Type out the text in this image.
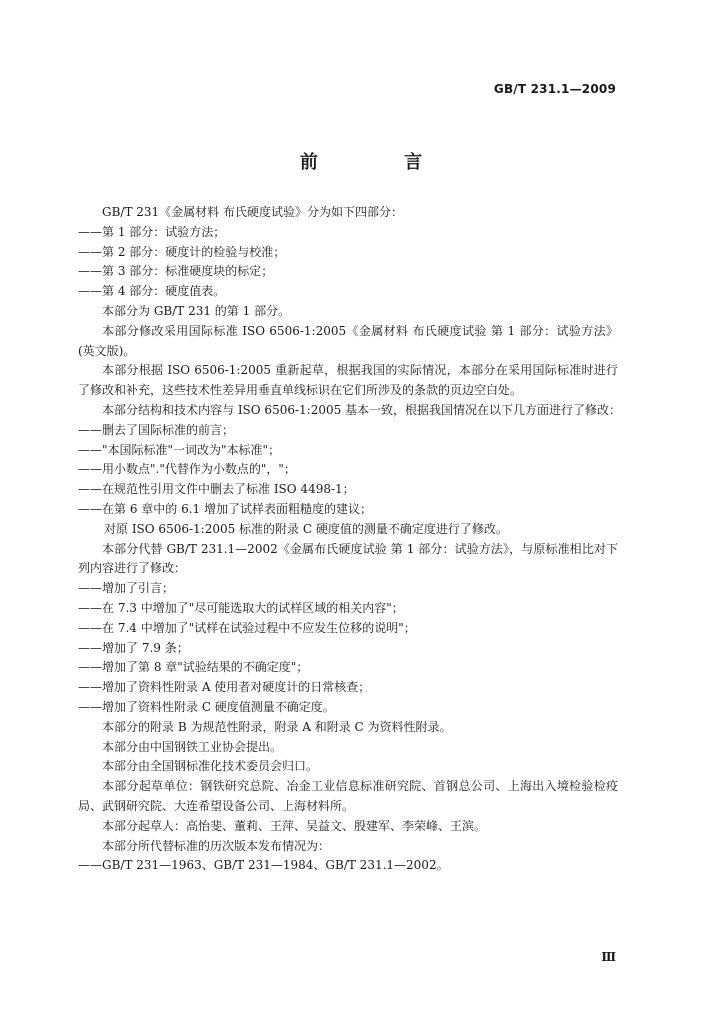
GB/T 231.1—2009
前 言

GB/T 231《金属材料 布氏硬度试验》分为如下四部分：

——第 1 部分：试验方法；

——第 2 部分：硬度计的检验与校准；

——第 3 部分：标准硬度块的标定；

——第 4 部分：硬度值表。

本部分为 GB/T 231 的第 1 部分。

本部分修改采用国际标准 ISO 6506-1:2005《金属材料 布氏硬度试验 第 1 部分：试验方法》(英文版)。

本部分根据 ISO 6506-1:2005 重新起草，根据我国的实际情况，本部分在采用国际标准时进行了修改和补充，这些技术性差异用垂直单线标识在它们所涉及的条款的页边空白处。

本部分结构和技术内容与 ISO 6506-1:2005 基本一致，根据我国情况在以下几方面进行了修改：

——删去了国际标准的前言；

——"本国际标准"一词改为"本标准"；

——用小数点"."代替作为小数点的"，"；

——在规范性引用文件中删去了标准 ISO 4498-1；

——在第 6 章中的 6.1 增加了试样表面粗糙度的建议；

对原 ISO 6506-1:2005 标准的附录 C 硬度值的测量不确定度进行了修改。

本部分代替 GB/T 231.1—2002《金属布氏硬度试验 第 1 部分：试验方法》，与原标准相比对下列内容进行了修改：

——增加了引言；

——在 7.3 中增加了"尽可能选取大的试样区域的相关内容"；

——在 7.4 中增加了"试样在试验过程中不应发生位移的说明"；

——增加了 7.9 条；

——增加了第 8 章"试验结果的不确定度"；

——增加了资料性附录 A 使用者对硬度计的日常核查；

——增加了资料性附录 C 硬度值测量不确定度。

本部分的附录 B 为规范性附录，附录 A 和附录 C 为资料性附录。

本部分由中国钢铁工业协会提出。

本部分由全国钢标准化技术委员会归口。

本部分起草单位：钢铁研究总院、冶金工业信息标准研究院、首钢总公司、上海出入境检验检疫局、武钢研究院、大连希望设备公司、上海材料所。

本部分起草人：高怡斐、董莉、王萍、吴益文、殷建军、李荣峰、王滨。

本部分所代替标准的历次版本发布情况为：

——GB/T 231—1963、GB/T 231—1984、GB/T 231.1—2002。

Ⅲ
